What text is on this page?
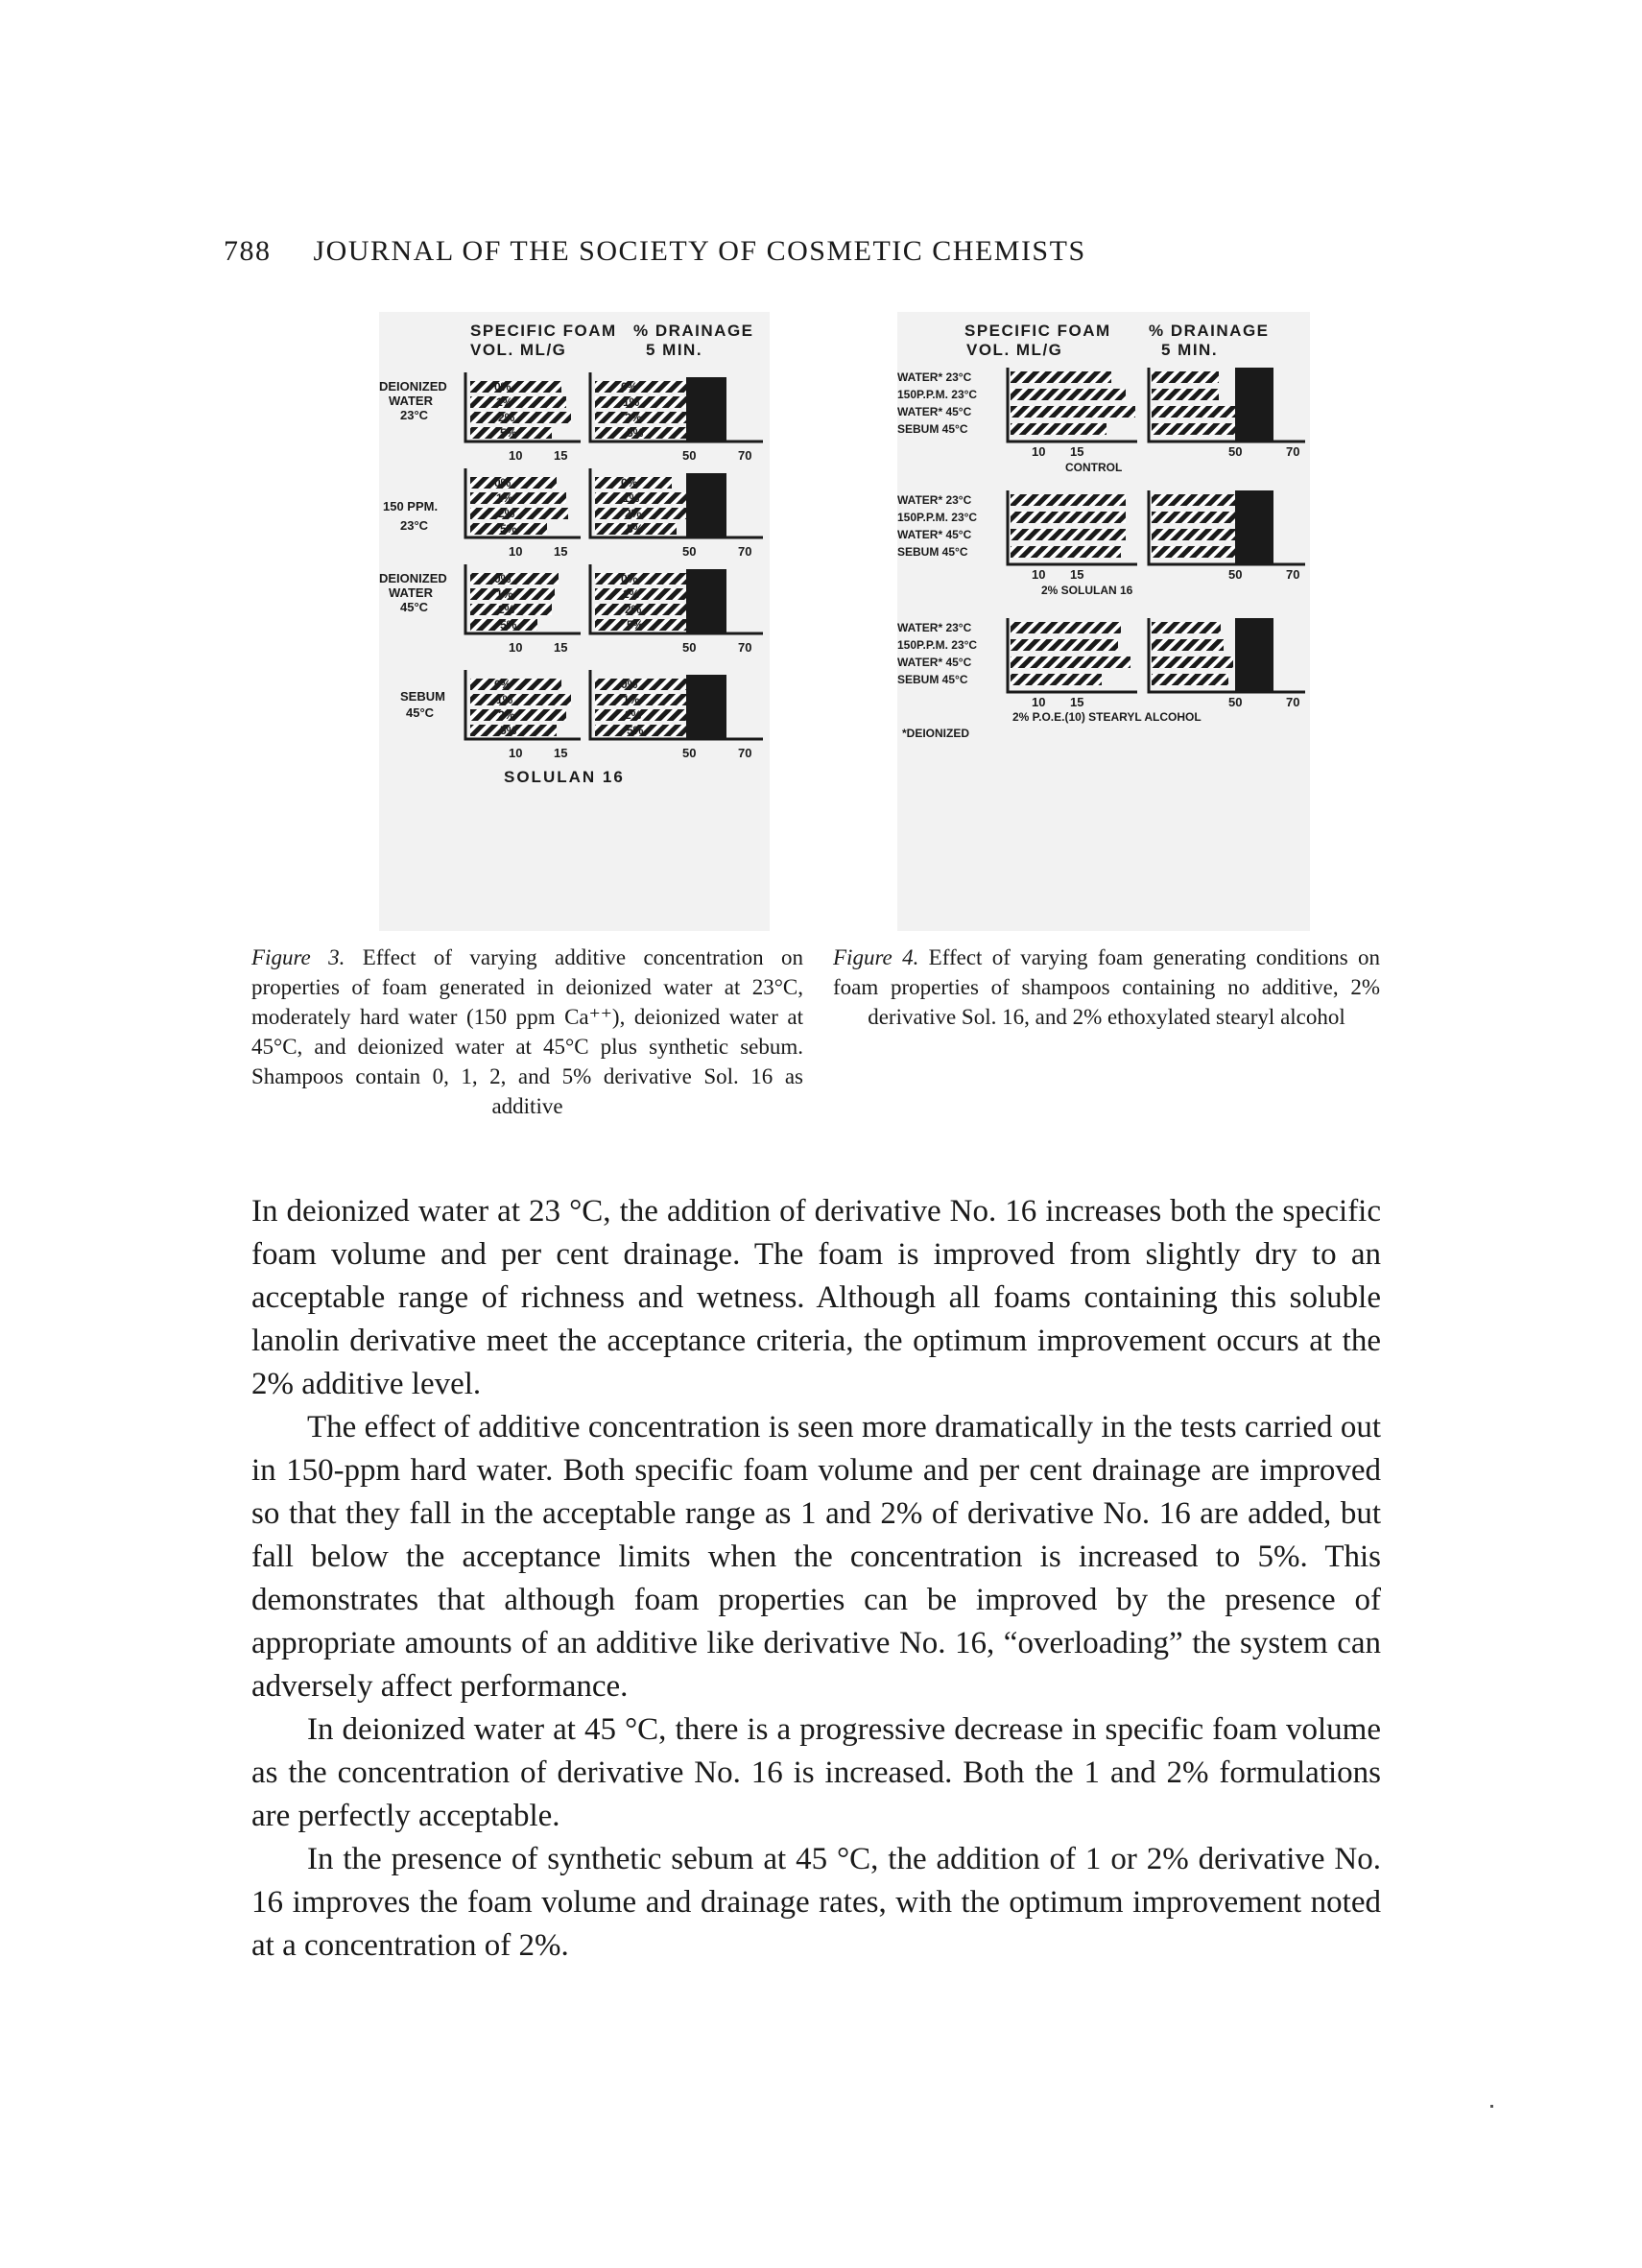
788 JOURNAL OF THE SOCIETY OF COSMETIC CHEMISTS
SPECIFIC FOAM
VOL. ML/G
% DRAINAGE
5 MIN.
DEIONIZED
WATER
23°C
0%
1%
2%
5%
0%
1%
2%
5%
10	15	50	70
150 PPM.
23°C
0%
1%
2%
5%
0%
1%
2%
5%
10	15	50	70
DEIONIZED
WATER
45°C
0%
1%
2%
5%
0%
1%
2%
5%
10	15	50	70
SEBUM
45°C
0%
1%
2%
5%
0%
1%
2%
5%
10	15	50	70
SOLULAN 16
SPECIFIC FOAM
VOL. ML/G
% DRAINAGE
5 MIN.
WATER* 23°C
150P.P.M. 23°C
WATER* 45°C
SEBUM 45°C
10 15	50	70
CONTROL
WATER* 23°C
150P.P.M. 23°C
WATER* 45°C
SEBUM 45°C
10 15	50	70
2% SOLULAN 16
WATER* 23°C
150P.P.M. 23°C
WATER* 45°C
SEBUM 45°C
10 15	50	70
2% P.O.E.(10) STEARYL ALCOHOL
*DEIONIZED

Figure 3. Effect of varying additive concentration on properties of foam generated in deionized water at 23°C, moderately hard water (150 ppm Ca⁺⁺), deionized water at 45°C, and deionized water at 45°C plus synthetic sebum. Shampoos contain 0, 1, 2, and 5% derivative Sol. 16 as additive

Figure 4. Effect of varying foam generating conditions on foam properties of shampoos containing no additive, 2% derivative Sol. 16, and 2% ethoxylated stearyl alcohol

In deionized water at 23 °C, the addition of derivative No. 16 increases both the specific foam volume and per cent drainage. The foam is improved from slightly dry to an acceptable range of richness and wetness. Although all foams containing this soluble lanolin derivative meet the acceptance criteria, the optimum improvement occurs at the 2% additive level.

The effect of additive concentration is seen more dramatically in the tests carried out in 150-ppm hard water. Both specific foam volume and per cent drainage are improved so that they fall in the acceptable range as 1 and 2% of derivative No. 16 are added, but fall below the acceptance limits when the concentration is increased to 5%. This demonstrates that although foam properties can be improved by the presence of appropriate amounts of an additive like derivative No. 16, “overloading” the system can adversely affect performance.

In deionized water at 45 °C, there is a progressive decrease in specific foam volume as the concentration of derivative No. 16 is increased. Both the 1 and 2% formulations are perfectly acceptable.

In the presence of synthetic sebum at 45 °C, the addition of 1 or 2% derivative No. 16 improves the foam volume and drainage rates, with the optimum improvement noted at a concentration of 2%.
